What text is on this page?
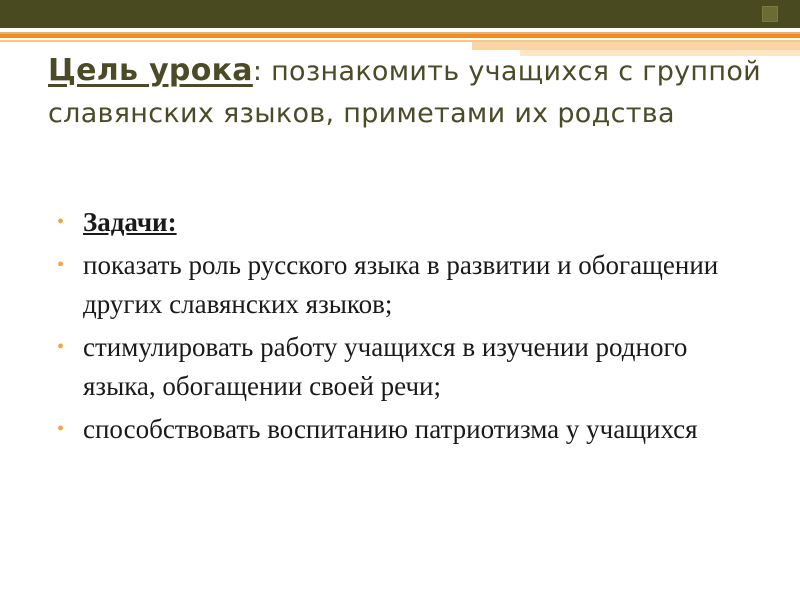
Цель урока: познакомить учащихся с группой славянских языков, приметами их родства
• Задачи:
• показать роль русского языка в развитии и обогащении других славянских языков;
• стимулировать работу учащихся в изучении родного языка, обогащении своей речи;
• способствовать воспитанию патриотизма у учащихся
